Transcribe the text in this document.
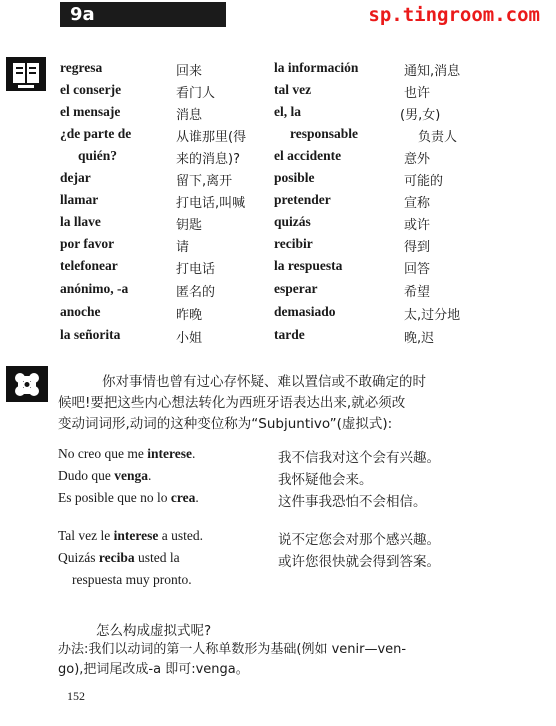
9a	sp.tingroom.com
regresa
el conserje
el mensaje
¿de parte de
quién?
dejar
llamar
la llave
por favor
telefonear
anónimo, -a
anoche
la señorita
回来
看门人
消息
从谁那里(得
来的消息)?
留下,离开
打电话,叫喊
钥匙
请
打电话
匿名的
昨晚
小姐
la información
tal vez
el, la
responsable
el accidente
posible
pretender
quizás
recibir
la respuesta
esperar
demasiado
tarde
通知,消息
也许
(男,女)
负责人
意外
可能的
宣称
或许
得到
回答
希望
太,过分地
晚,迟
你对事情也曾有过心存怀疑、难以置信或不敢确定的时
候吧!要把这些内心想法转化为西班牙语表达出来,就必须改
变动词词形,动词的这种变位称为“Subjuntivo”(虚拟式):
No creo que me interese.
Dudo que venga.
Es posible que no lo crea.
Tal vez le interese a usted.
Quizás reciba usted la
respuesta muy pronto.
我不信我对这个会有兴趣。
我怀疑他会来。
这件事我恐怕不会相信。
说不定您会对那个感兴趣。
或许您很快就会得到答案。
怎么构成虚拟式呢?
办法:我们以动词的第一人称单数形为基础(例如 venir—ven-
go),把词尾改成-a 即可:venga。
152
